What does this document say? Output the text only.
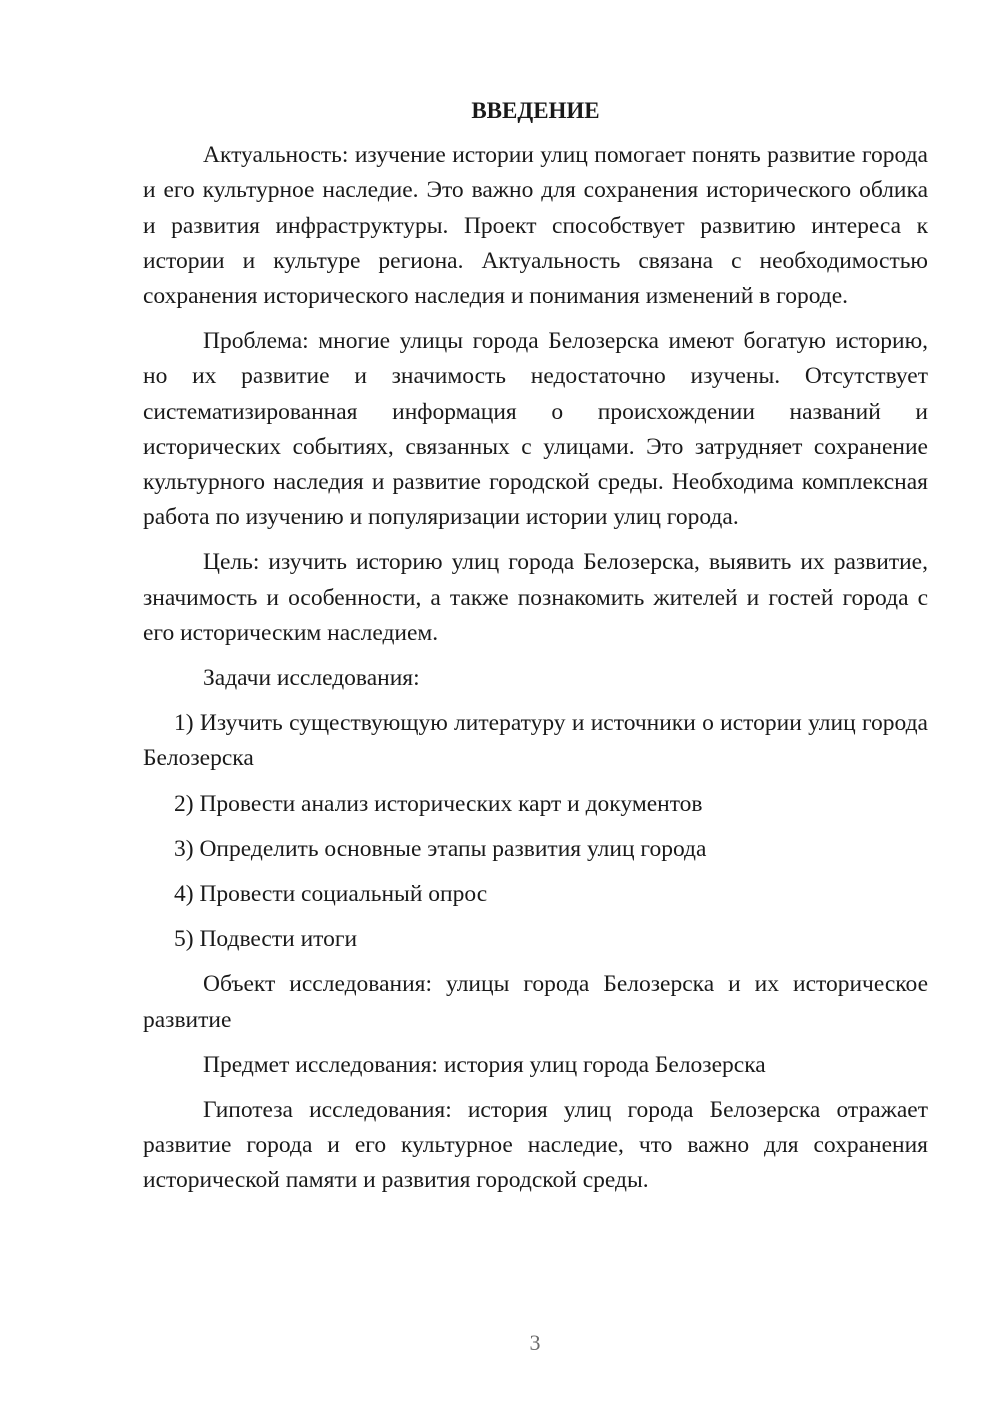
ВВЕДЕНИЕ

Актуальность: изучение истории улиц помогает понять развитие города и его культурное наследие. Это важно для сохранения исторического облика и развития инфраструктуры. Проект способствует развитию интереса к истории и культуре региона. Актуальность связана с необходимостью сохранения исторического наследия и понимания изменений в городе.

Проблема: многие улицы города Белозерска имеют богатую историю, но их развитие и значимость недостаточно изучены. Отсутствует систематизированная информация о происхождении названий и исторических событиях, связанных с улицами. Это затрудняет сохранение культурного наследия и развитие городской среды. Необходима комплексная работа по изучению и популяризации истории улиц города.

Цель: изучить историю улиц города Белозерска, выявить их развитие, значимость и особенности, а также познакомить жителей и гостей города с его историческим наследием.

Задачи исследования:

1) Изучить существующую литературу и источники о истории улиц города Белозерска

2) Провести анализ исторических карт и документов

3) Определить основные этапы развития улиц города

4) Провести социальный опрос

5) Подвести итоги

Объект исследования: улицы города Белозерска и их историческое развитие

Предмет исследования: история улиц города Белозерска

Гипотеза исследования: история улиц города Белозерска отражает развитие города и его культурное наследие, что важно для сохранения исторической памяти и развития городской среды.

3
